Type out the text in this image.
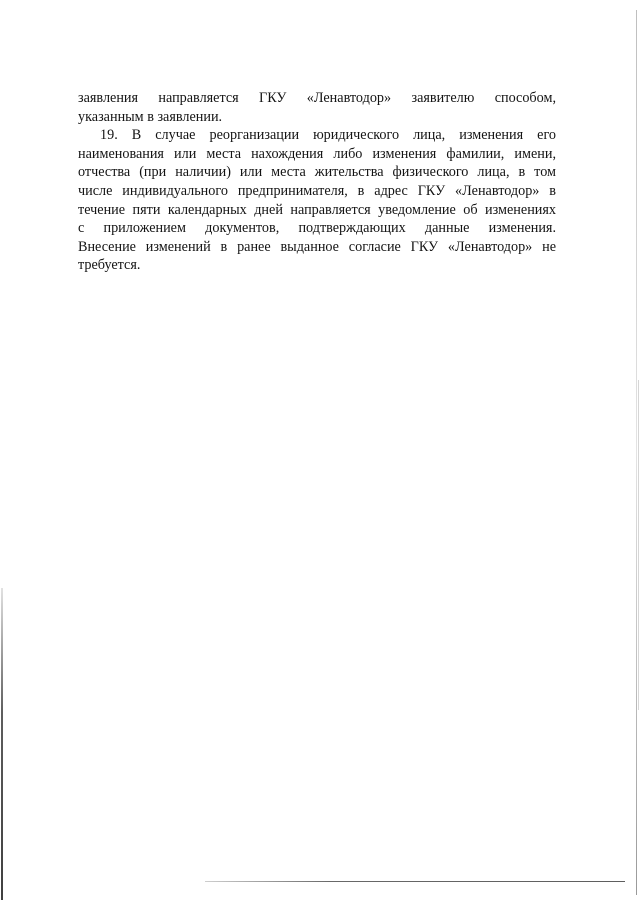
заявления направляется ГКУ «Ленавтодор» заявителю способом,
указанным в заявлении.
19. В случае реорганизации юридического лица, изменения его
наименования или места нахождения либо изменения фамилии, имени,
отчества (при наличии) или места жительства физического лица, в том
числе индивидуального предпринимателя, в адрес ГКУ «Ленавтодор» в
течение пяти календарных дней направляется уведомление об изменениях
с приложением документов, подтверждающих данные изменения.
Внесение изменений в ранее выданное согласие ГКУ «Ленавтодор» не
требуется.
